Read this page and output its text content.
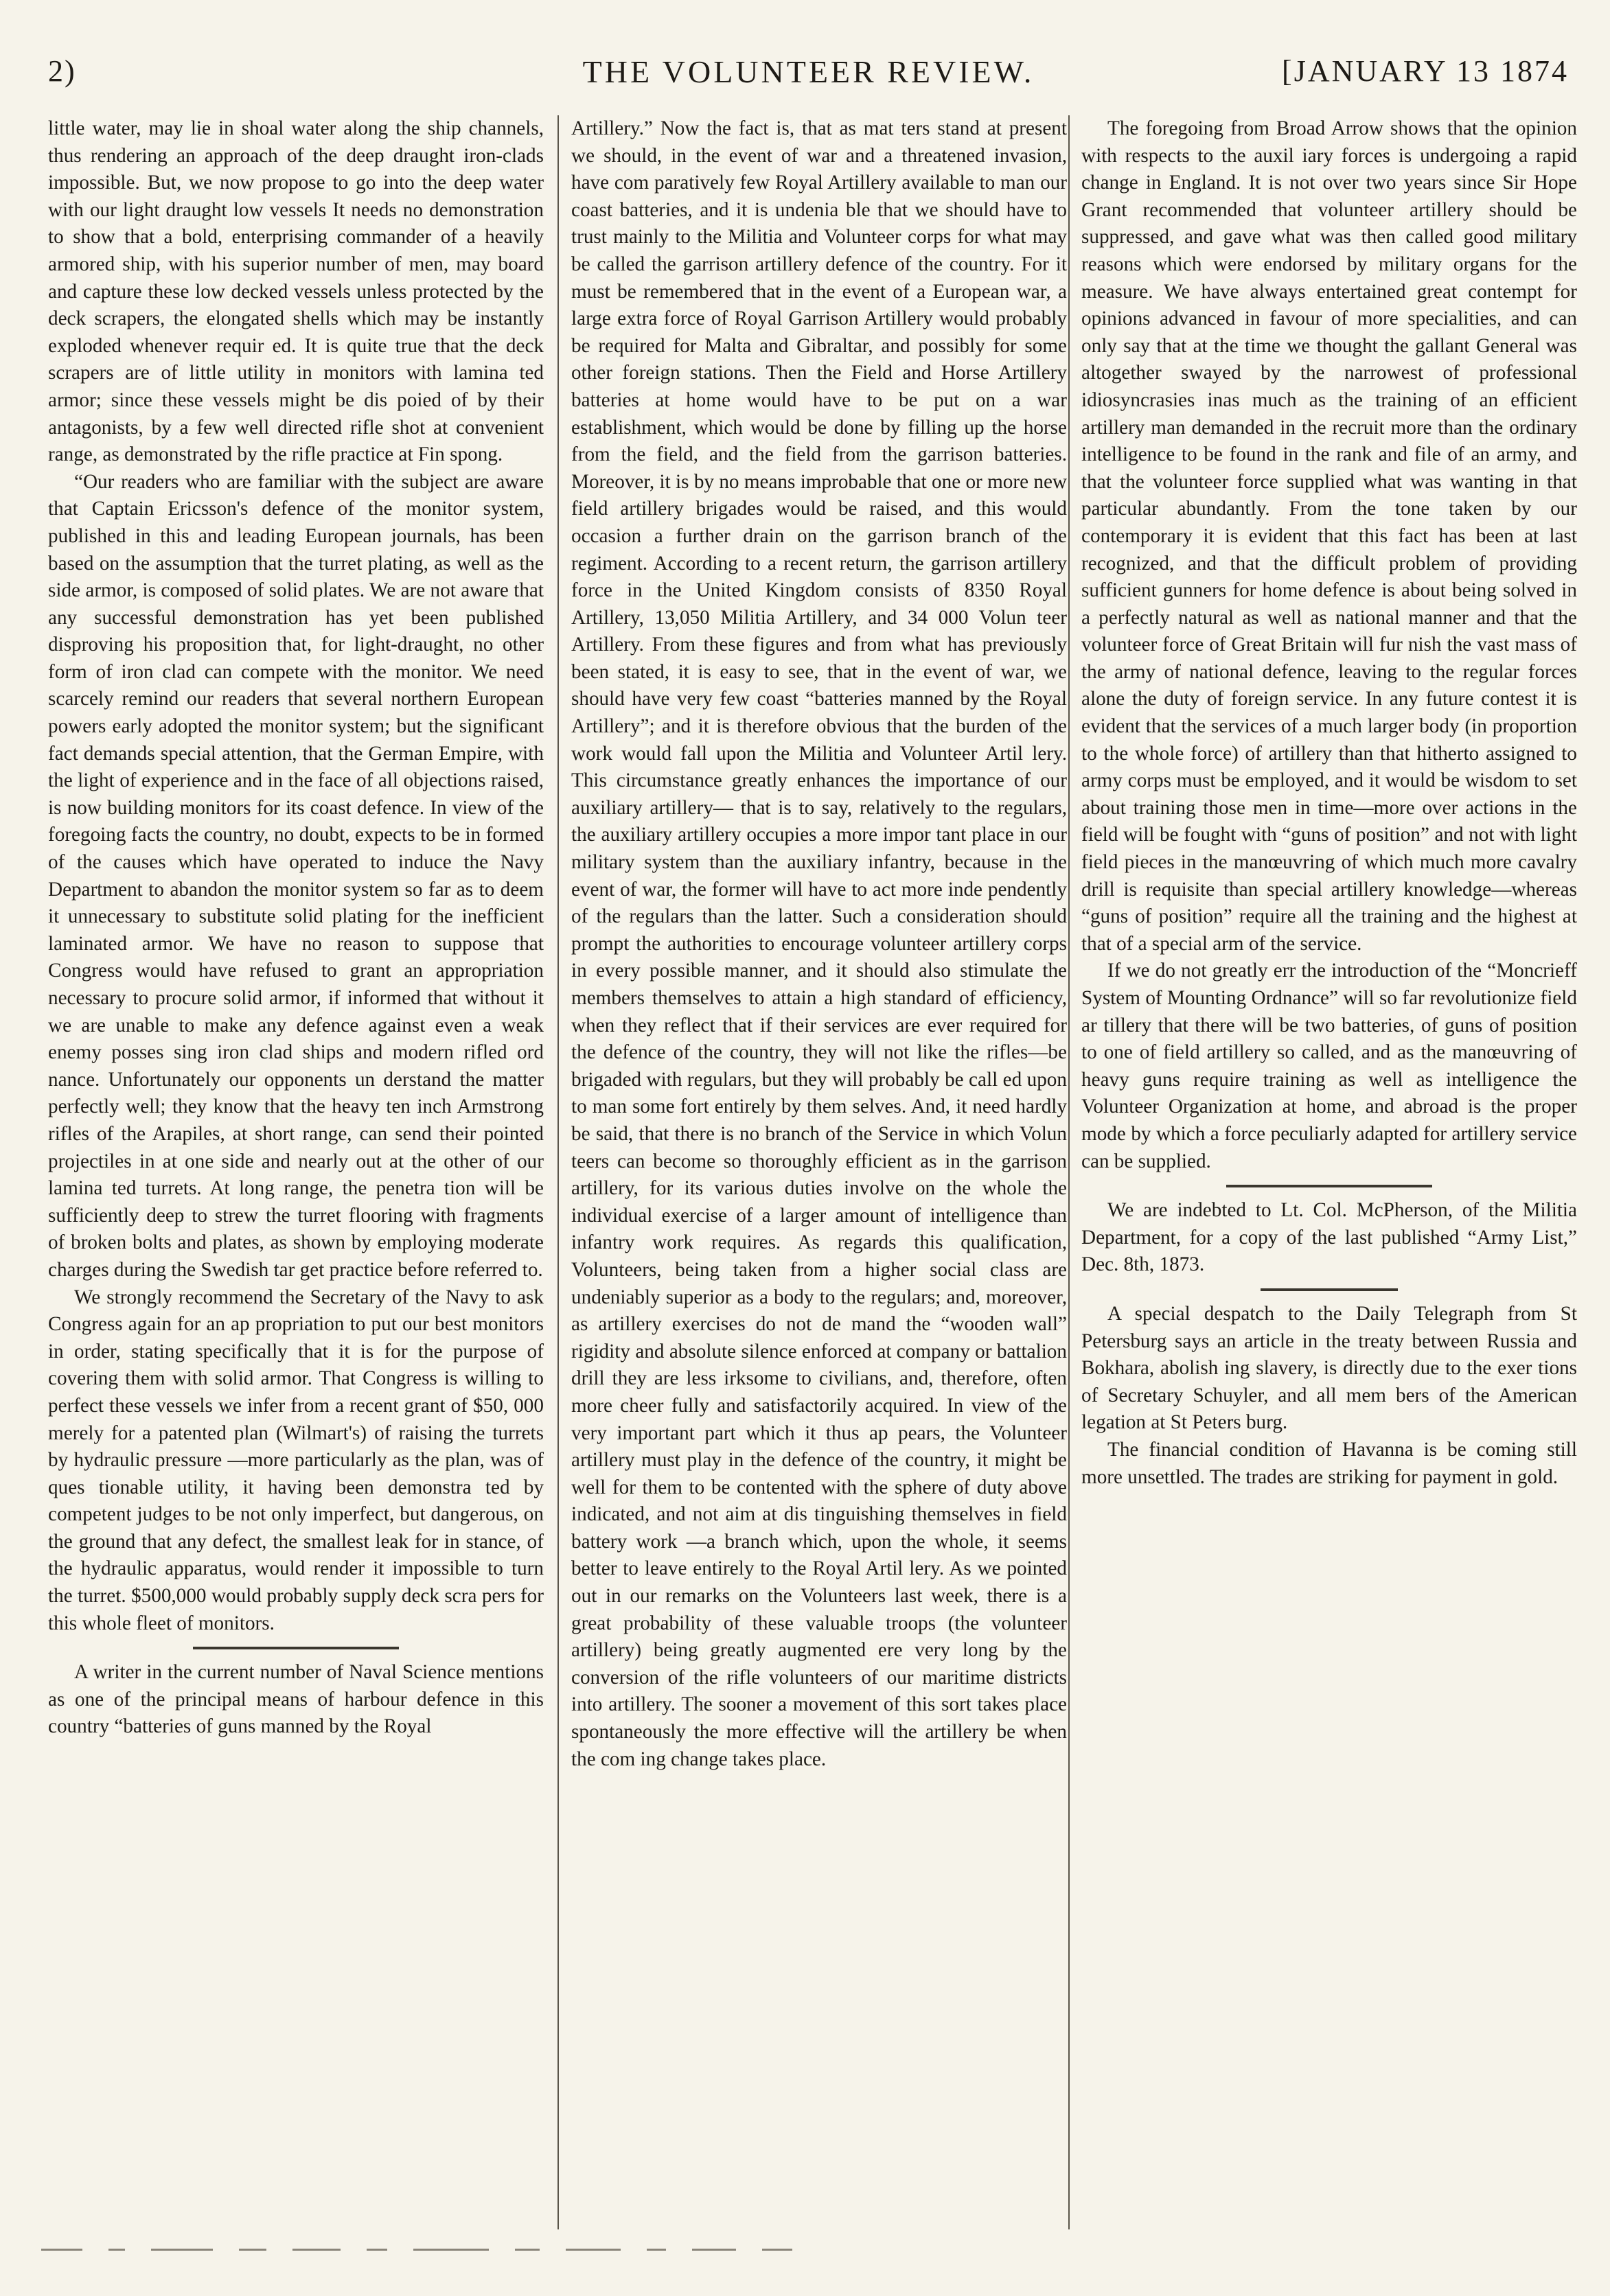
2)	THE VOLUNTEER REVIEW.	[JANUARY 13 1874

little water, may lie in shoal water along the ship channels, thus rendering an approach of the deep draught iron-clads impossible. But, we now propose to go into the deep water with our light draught low vessels It needs no demonstration to show that a bold, enterprising commander of a heavily armored ship, with his superior number of men, may board and capture these low decked vessels unless protected by the deck scrapers, the elongated shells which may be instantly exploded whenever requir ed. It is quite true that the deck scrapers are of little utility in monitors with lamina ted armor; since these vessels might be dis poied of by their antagonists, by a few well directed rifle shot at convenient range, as demonstrated by the rifle practice at Fin spong.

“Our readers who are familiar with the subject are aware that Captain Ericsson's defence of the monitor system, published in this and leading European journals, has been based on the assumption that the turret plating, as well as the side armor, is composed of solid plates. We are not aware that any successful demonstration has yet been published disproving his proposition that, for light-draught, no other form of iron clad can compete with the monitor. We need scarcely remind our readers that several northern European powers early adopted the monitor system; but the significant fact demands special attention, that the German Empire, with the light of experience and in the face of all objections raised, is now building monitors for its coast defence. In view of the foregoing facts the country, no doubt, expects to be in formed of the causes which have operated to induce the Navy Department to abandon the monitor system so far as to deem it unnecessary to substitute solid plating for the inefficient laminated armor. We have no reason to suppose that Congress would have refused to grant an appropriation necessary to procure solid armor, if informed that without it we are unable to make any defence against even a weak enemy posses sing iron clad ships and modern rifled ord nance. Unfortunately our opponents un derstand the matter perfectly well; they know that the heavy ten inch Armstrong rifles of the Arapiles, at short range, can send their pointed projectiles in at one side and nearly out at the other of our lamina ted turrets. At long range, the penetra tion will be sufficiently deep to strew the turret flooring with fragments of broken bolts and plates, as shown by employing moderate charges during the Swedish tar get practice before referred to.

We strongly recommend the Secretary of the Navy to ask Congress again for an ap propriation to put our best monitors in order, stating specifically that it is for the purpose of covering them with solid armor. That Congress is willing to perfect these vessels we infer from a recent grant of $50, 000 merely for a patented plan (Wilmart's) of raising the turrets by hydraulic pressure —more particularly as the plan, was of ques tionable utility, it having been demonstra ted by competent judges to be not only imperfect, but dangerous, on the ground that any defect, the smallest leak for in stance, of the hydraulic apparatus, would render it impossible to turn the turret. $500,000 would probably supply deck scra pers for this whole fleet of monitors.

A writer in the current number of Naval Science mentions as one of the principal means of harbour defence in this country “batteries of guns manned by the Royal

Artillery.” Now the fact is, that as mat ters stand at present we should, in the event of war and a threatened invasion, have com paratively few Royal Artillery available to man our coast batteries, and it is undenia ble that we should have to trust mainly to the Militia and Volunteer corps for what may be called the garrison artillery defence of the country. For it must be remembered that in the event of a European war, a large extra force of Royal Garrison Artillery would probably be required for Malta and Gibraltar, and possibly for some other foreign stations. Then the Field and Horse Artillery batteries at home would have to be put on a war establishment, which would be done by filling up the horse from the field, and the field from the garrison batteries. Moreover, it is by no means improbable that one or more new field artillery brigades would be raised, and this would occasion a further drain on the garrison branch of the regiment. According to a recent return, the garrison artillery force in the United Kingdom consists of 8350 Royal Artillery, 13,050 Militia Artillery, and 34 000 Volun teer Artillery. From these figures and from what has previously been stated, it is easy to see, that in the event of war, we should have very few coast “batteries manned by the Royal Artillery”; and it is therefore obvious that the burden of the work would fall upon the Militia and Volunteer Artil lery. This circumstance greatly enhances the importance of our auxiliary artillery— that is to say, relatively to the regulars, the auxiliary artillery occupies a more impor tant place in our military system than the auxiliary infantry, because in the event of war, the former will have to act more inde pendently of the regulars than the latter. Such a consideration should prompt the authorities to encourage volunteer artillery corps in every possible manner, and it should also stimulate the members themselves to attain a high standard of efficiency, when they reflect that if their services are ever required for the defence of the country, they will not like the rifles—be brigaded with regulars, but they will probably be call ed upon to man some fort entirely by them selves. And, it need hardly be said, that there is no branch of the Service in which Volun teers can become so thoroughly efficient as in the garrison artillery, for its various duties involve on the whole the individual exercise of a larger amount of intelligence than infantry work requires. As regards this qualification, Volunteers, being taken from a higher social class are undeniably superior as a body to the regulars; and, moreover, as artillery exercises do not de mand the “wooden wall” rigidity and absolute silence enforced at company or battalion drill they are less irksome to civilians, and, therefore, often more cheer fully and satisfactorily acquired. In view of the very important part which it thus ap pears, the Volunteer artillery must play in the defence of the country, it might be well for them to be contented with the sphere of duty above indicated, and not aim at dis tinguishing themselves in field battery work —a branch which, upon the whole, it seems better to leave entirely to the Royal Artil lery. As we pointed out in our remarks on the Volunteers last week, there is a great probability of these valuable troops (the volunteer artillery) being greatly augmented ere very long by the conversion of the rifle volunteers of our maritime districts into artillery. The sooner a movement of this sort takes place spontaneously the more effective will the artillery be when the com ing change takes place.

The foregoing from Broad Arrow shows that the opinion with respects to the auxil iary forces is undergoing a rapid change in England. It is not over two years since Sir Hope Grant recommended that volunteer artillery should be suppressed, and gave what was then called good military reasons which were endorsed by military organs for the measure. We have always entertained great contempt for opinions advanced in favour of more specialities, and can only say that at the time we thought the gallant General was altogether swayed by the narrowest of professional idiosyncrasies inas much as the training of an efficient artillery man demanded in the recruit more than the ordinary intelligence to be found in the rank and file of an army, and that the volunteer force supplied what was wanting in that particular abundantly. From the tone taken by our contemporary it is evident that this fact has been at last recognized, and that the difficult problem of providing sufficient gunners for home defence is about being solved in a perfectly natural as well as national manner and that the volunteer force of Great Britain will fur nish the vast mass of the army of national defence, leaving to the regular forces alone the duty of foreign service. In any future contest it is evident that the services of a much larger body (in proportion to the whole force) of artillery than that hitherto assigned to army corps must be employed, and it would be wisdom to set about training those men in time—more over actions in the field will be fought with “guns of position” and not with light field pieces in the manœuvring of which much more cavalry drill is requisite than special artillery knowledge—whereas “guns of position” require all the training and the highest at that of a special arm of the service.

If we do not greatly err the introduction of the “Moncrieff System of Mounting Ordnance” will so far revolutionize field ar tillery that there will be two batteries, of guns of position to one of field artillery so called, and as the manœuvring of heavy guns require training as well as intelligence the Volunteer Organization at home, and abroad is the proper mode by which a force peculiarly adapted for artillery service can be supplied.

We are indebted to Lt. Col. McPherson, of the Militia Department, for a copy of the last published “Army List,” Dec. 8th, 1873.

A special despatch to the Daily Telegraph from St Petersburg says an article in the treaty between Russia and Bokhara, abolish ing slavery, is directly due to the exer tions of Secretary Schuyler, and all mem bers of the American legation at St Peters burg.

The financial condition of Havanna is be coming still more unsettled. The trades are striking for payment in gold.
